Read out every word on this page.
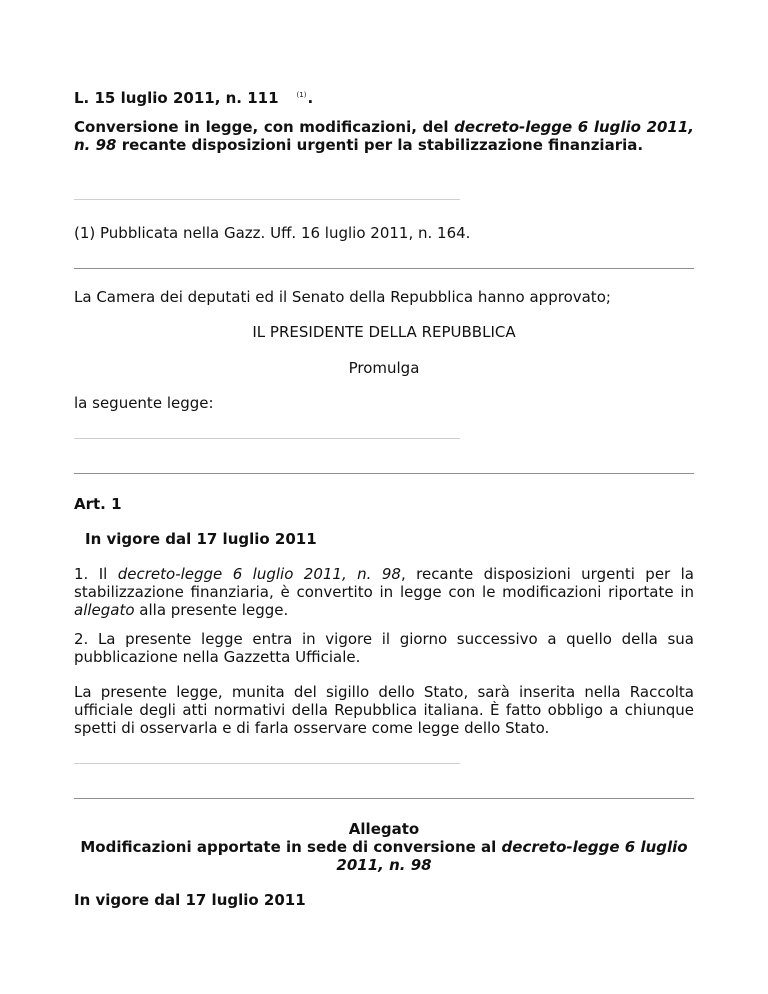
L. 15 luglio 2011, n. 111	$^{(1)}$.
Conversione in legge, con modificazioni, del decreto-legge 6 luglio 2011, n. 98 recante disposizioni urgenti per la stabilizzazione finanziaria.
(1) Pubblicata nella Gazz. Uff. 16 luglio 2011, n. 164.
La Camera dei deputati ed il Senato della Repubblica hanno approvato;
IL PRESIDENTE DELLA REPUBBLICA
Promulga
la seguente legge:
Art. 1
In vigore dal 17 luglio 2011
1. Il decreto-legge 6 luglio 2011, n. 98, recante disposizioni urgenti per la stabilizzazione finanziaria, è convertito in legge con le modificazioni riportate in allegato alla presente legge.
2. La presente legge entra in vigore il giorno successivo a quello della sua pubblicazione nella Gazzetta Ufficiale.
La presente legge, munita del sigillo dello Stato, sarà inserita nella Raccolta ufficiale degli atti normativi della Repubblica italiana. È fatto obbligo a chiunque spetti di osservarla e di farla osservare come legge dello Stato.
Allegato
Modificazioni apportate in sede di conversione al decreto-legge 6 luglio 2011, n. 98
In vigore dal 17 luglio 2011
